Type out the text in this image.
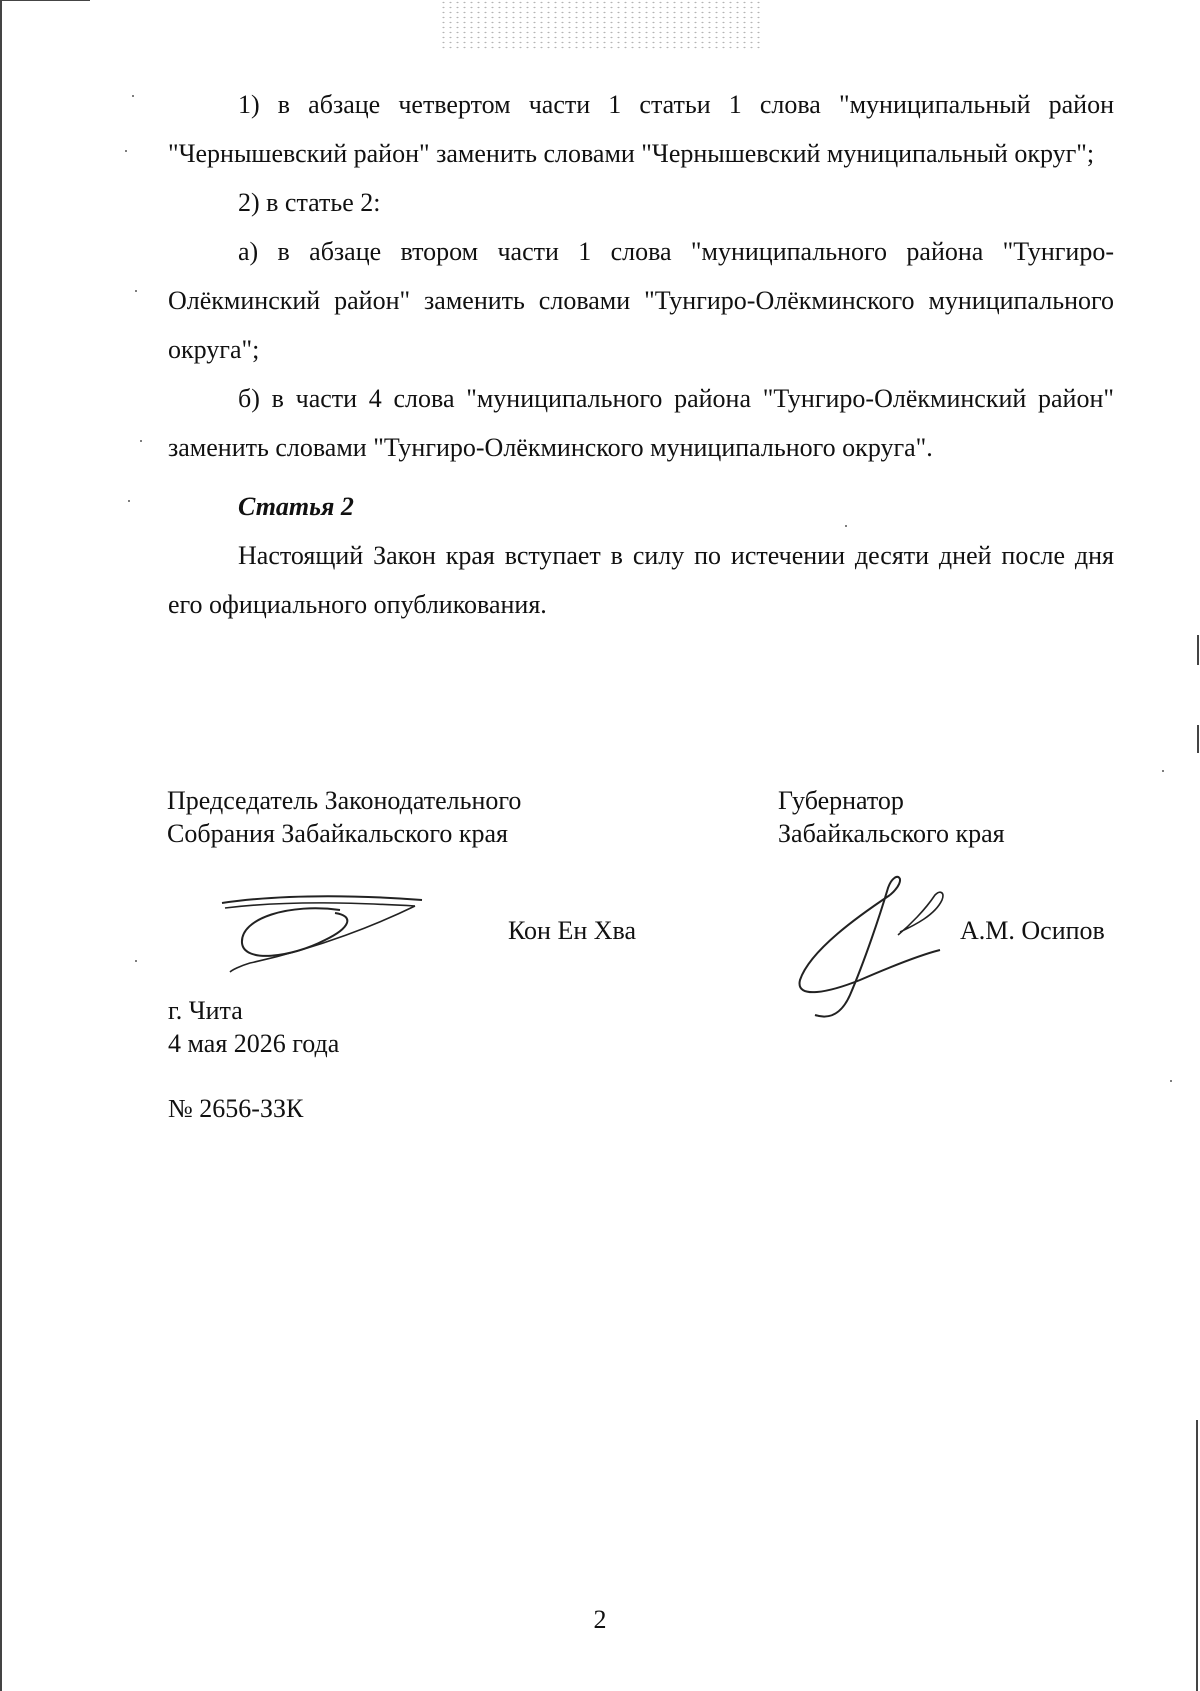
1) в абзаце четвертом части 1 статьи 1 слова "муниципальный район "Чернышевский район" заменить словами "Чернышевский муниципальный округ";

2) в статье 2:

а) в абзаце втором части 1 слова "муниципального района "Тунгиро-Олёкминский район" заменить словами "Тунгиро-Олёкминского муниципального округа";

б) в части 4 слова "муниципального района "Тунгиро-Олёкминский район" заменить словами "Тунгиро-Олёкминского муниципального округа".

Статья 2

Настоящий Закон края вступает в силу по истечении десяти дней после дня его официального опубликования.

Председатель Законодательного
Собрания Забайкальского края
Кон Ен Хва
Губернатор
Забайкальского края
А.М. Осипов
г. Чита
4 мая 2026 года
№ 2656-ЗЗК
2
